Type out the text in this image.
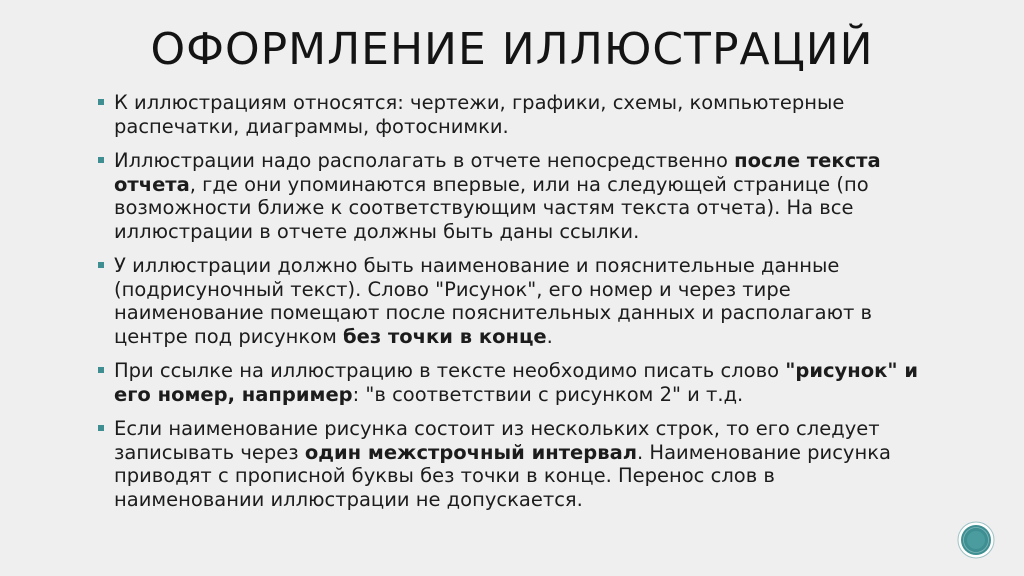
ОФОРМЛЕНИЕ ИЛЛЮСТРАЦИЙ
К иллюстрациям относятся: чертежи, графики, схемы, компьютерные распечатки, диаграммы, фотоснимки.
Иллюстрации надо располагать в отчете непосредственно после текста отчета, где они упоминаются впервые, или на следующей странице (по возможности ближе к соответствующим частям текста отчета). На все иллюстрации в отчете должны быть даны ссылки.
У иллюстрации должно быть наименование и пояснительные данные (подрисуночный текст). Слово "Рисунок", его номер и через тире наименование помещают после пояснительных данных и располагают в центре под рисунком без точки в конце.
При ссылке на иллюстрацию в тексте необходимо писать слово "рисунок" и его номер, например: "в соответствии с рисунком 2" и т.д.
Если наименование рисунка состоит из нескольких строк, то его следует записывать через один межстрочный интервал. Наименование рисунка приводят с прописной буквы без точки в конце. Перенос слов в наименовании иллюстрации не допускается.
